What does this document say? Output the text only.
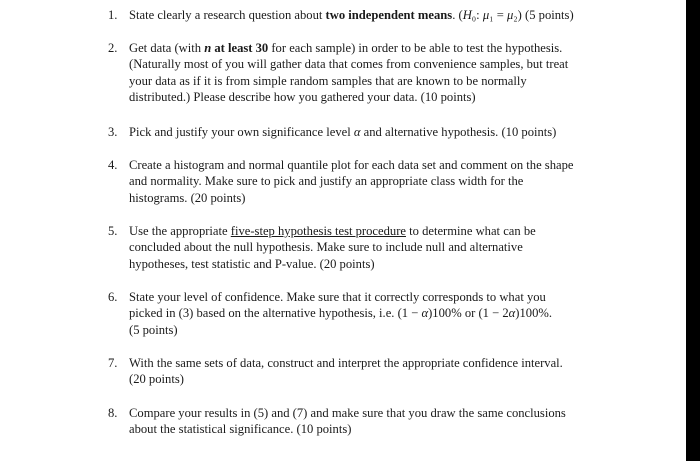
1. State clearly a research question about two independent means. (H₀: μ₁ = μ₂) (5 points)
2. Get data (with n at least 30 for each sample) in order to be able to test the hypothesis.
(Naturally most of you will gather data that comes from convenience samples, but treat
your data as if it is from simple random samples that are known to be normally
distributed.) Please describe how you gathered your data. (10 points)
3. Pick and justify your own significance level α and alternative hypothesis. (10 points)
4. Create a histogram and normal quantile plot for each data set and comment on the shape
and normality. Make sure to pick and justify an appropriate class width for the
histograms. (20 points)
5. Use the appropriate five-step hypothesis test procedure to determine what can be
concluded about the null hypothesis. Make sure to include null and alternative
hypotheses, test statistic and P-value. (20 points)
6. State your level of confidence. Make sure that it correctly corresponds to what you
picked in (3) based on the alternative hypothesis, i.e. (1 − α)100% or (1 − 2α)100%.
(5 points)
7. With the same sets of data, construct and interpret the appropriate confidence interval.
(20 points)
8. Compare your results in (5) and (7) and make sure that you draw the same conclusions
about the statistical significance. (10 points)
